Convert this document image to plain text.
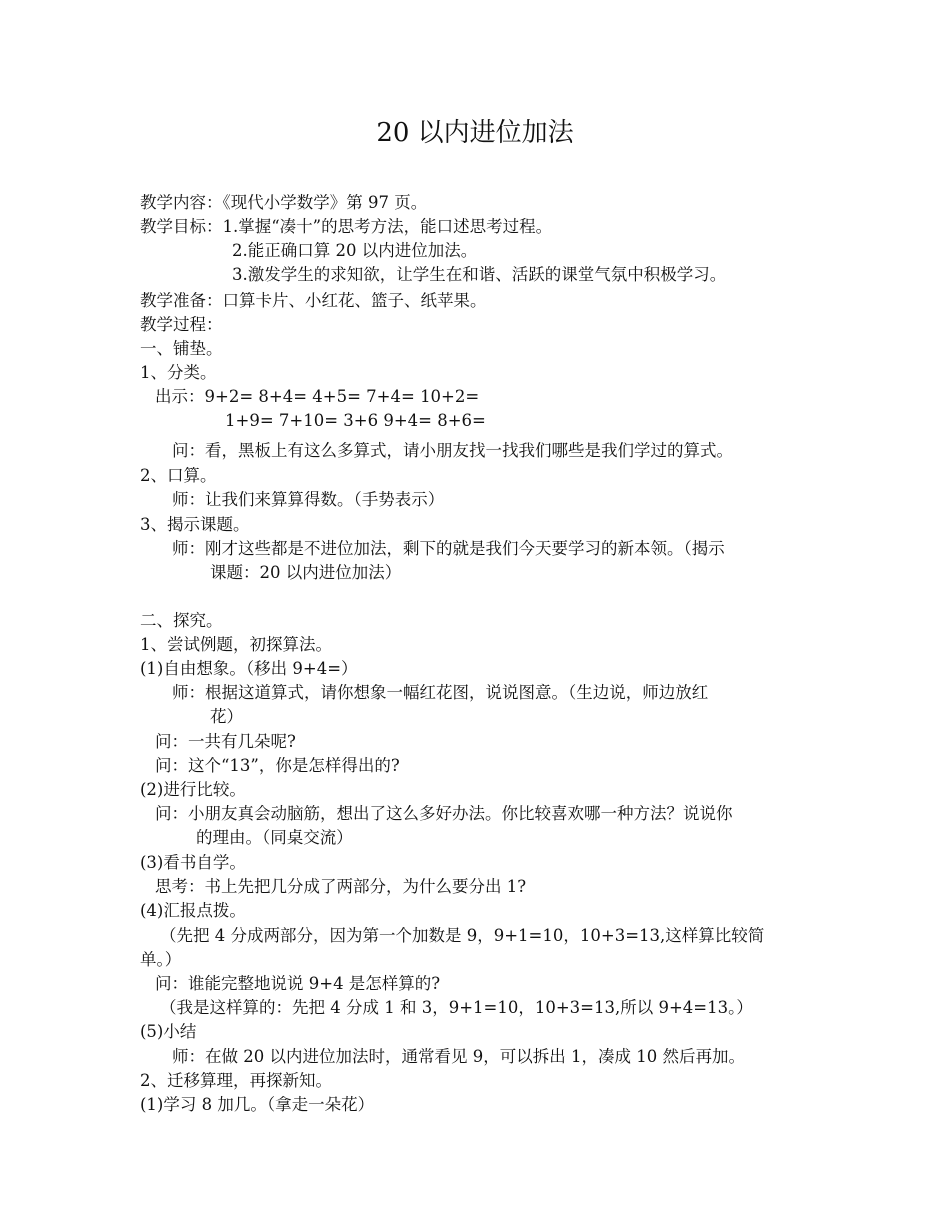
20 以内进位加法
教学内容：《现代小学数学》第 97 页。
教学目标：1.掌握“凑十”的思考方法，能口述思考过程。
2.能正确口算 20 以内进位加法。
3.激发学生的求知欲，让学生在和谐、活跃的课堂气氛中积极学习。
教学准备：口算卡片、小红花、篮子、纸苹果。
教学过程：
一、铺垫。
1、分类。
出示：9+2= 8+4= 4+5= 7+4= 10+2=
1+9= 7+10= 3+6 9+4= 8+6=
问：看，黑板上有这么多算式，请小朋友找一找我们哪些是我们学过的算式。
2、口算。
师：让我们来算算得数。（手势表示）
3、揭示课题。
师：刚才这些都是不进位加法，剩下的就是我们今天要学习的新本领。（揭示
课题：20 以内进位加法）
二、探究。
1、尝试例题，初探算法。
(1)自由想象。（移出 9+4=）
师：根据这道算式，请你想象一幅红花图，说说图意。（生边说，师边放红
花）
问：一共有几朵呢?
问：这个“13”，你是怎样得出的?
(2)进行比较。
问：小朋友真会动脑筋，想出了这么多好办法。你比较喜欢哪一种方法？说说你
的理由。（同桌交流）
(3)看书自学。
思考：书上先把几分成了两部分，为什么要分出 1?
(4)汇报点拨。
（先把 4 分成两部分，因为第一个加数是 9，9+1=10，10+3=13,这样算比较简
单。）
问：谁能完整地说说 9+4 是怎样算的?
（我是这样算的：先把 4 分成 1 和 3，9+1=10，10+3=13,所以 9+4=13。）
(5)小结
师：在做 20 以内进位加法时，通常看见 9，可以拆出 1，凑成 10 然后再加。
2、迁移算理，再探新知。
(1)学习 8 加几。（拿走一朵花）
